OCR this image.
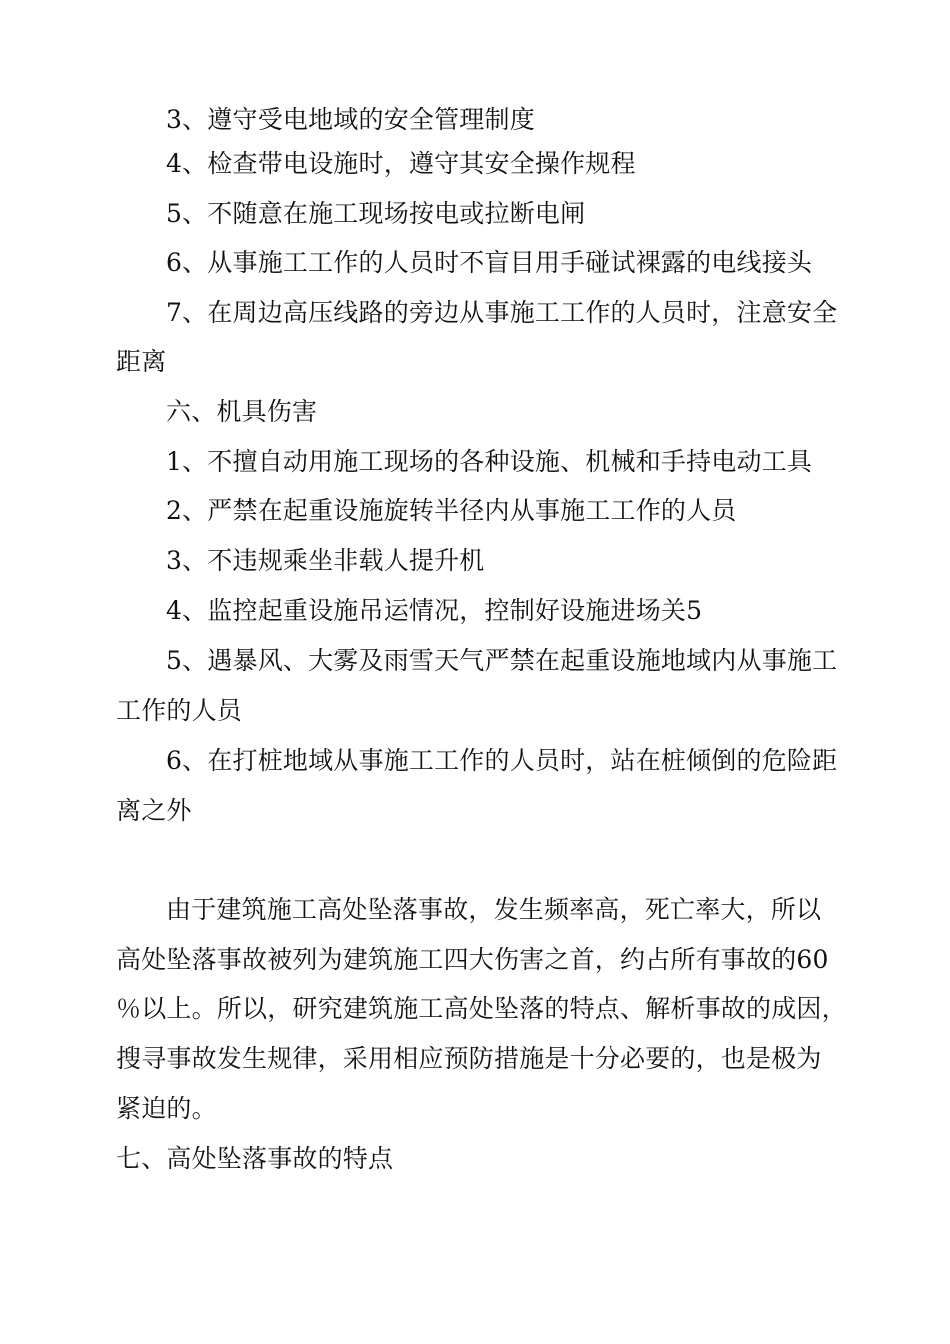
3、遵守受电地域的安全管理制度
4、检查带电设施时，遵守其安全操作规程
5、不随意在施工现场按电或拉断电闸
6、从事施工工作的人员时不盲目用手碰试裸露的电线接头
7、在周边高压线路的旁边从事施工工作的人员时，注意安全
距离
六、机具伤害
1、不擅自动用施工现场的各种设施、机械和手持电动工具
2、严禁在起重设施旋转半径内从事施工工作的人员
3、不违规乘坐非载人提升机
4、监控起重设施吊运情况，控制好设施进场关5
5、遇暴风、大雾及雨雪天气严禁在起重设施地域内从事施工
工作的人员
6、在打桩地域从事施工工作的人员时，站在桩倾倒的危险距
离之外
由于建筑施工高处坠落事故，发生频率高，死亡率大，所以
高处坠落事故被列为建筑施工四大伤害之首，约占所有事故的60
％以上。所以，研究建筑施工高处坠落的特点、解析事故的成因，
搜寻事故发生规律，采用相应预防措施是十分必要的，也是极为
紧迫的。
七、高处坠落事故的特点
